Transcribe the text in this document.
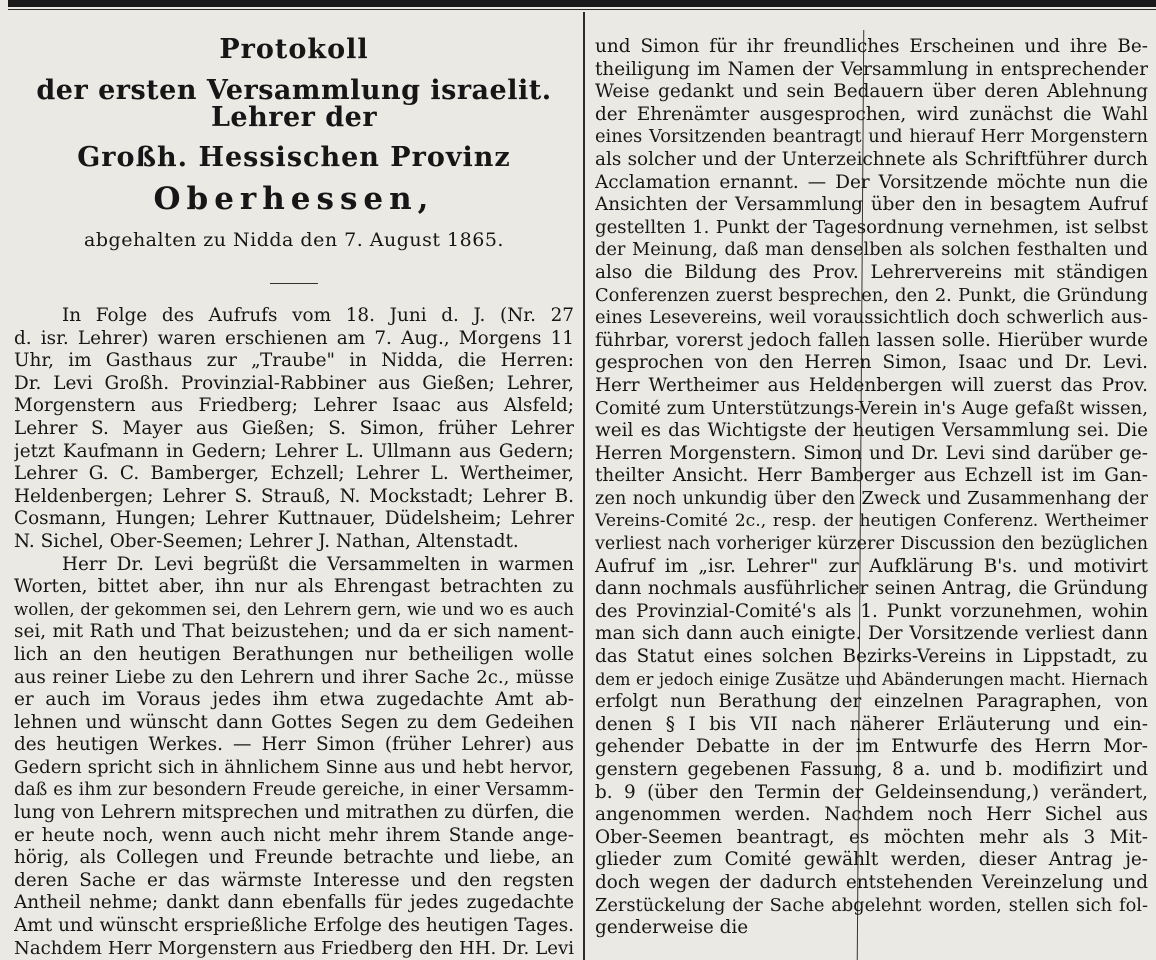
Protokoll

der ersten Versammlung israelit. Lehrer der

Großh. Hessischen Provinz

Oberhessen,

abgehalten zu Nidda den 7. August 1865.

In Folge des Aufrufs vom 18. Juni d. J. (Nr. 27
d. isr. Lehrer) waren erschienen am 7. Aug., Morgens 11
Uhr, im Gasthaus zur „Traube" in Nidda, die Herren:
Dr. Levi Großh. Provinzial-Rabbiner aus Gießen; Lehrer,
Morgenstern aus Friedberg; Lehrer Isaac aus Alsfeld;
Lehrer S. Mayer aus Gießen; S. Simon, früher Lehrer
jetzt Kaufmann in Gedern; Lehrer L. Ullmann aus Gedern;
Lehrer G. C. Bamberger, Echzell; Lehrer L. Wertheimer,
Heldenbergen; Lehrer S. Strauß, N. Mockstadt; Lehrer B.
Cosmann, Hungen; Lehrer Kuttnauer, Düdelsheim; Lehrer
N. Sichel, Ober-Seemen; Lehrer J. Nathan, Altenstadt.
Herr Dr. Levi begrüßt die Versammelten in warmen
Worten, bittet aber, ihn nur als Ehrengast betrachten zu
wollen, der gekommen sei, den Lehrern gern, wie und wo es auch
sei, mit Rath und That beizustehen; und da er sich nament-
lich an den heutigen Berathungen nur betheiligen wolle
aus reiner Liebe zu den Lehrern und ihrer Sache 2c., müsse
er auch im Voraus jedes ihm etwa zugedachte Amt ab-
lehnen und wünscht dann Gottes Segen zu dem Gedeihen
des heutigen Werkes. — Herr Simon (früher Lehrer) aus
Gedern spricht sich in ähnlichem Sinne aus und hebt hervor,
daß es ihm zur besondern Freude gereiche, in einer Versamm-
lung von Lehrern mitsprechen und mitrathen zu dürfen, die
er heute noch, wenn auch nicht mehr ihrem Stande ange-
hörig, als Collegen und Freunde betrachte und liebe, an
deren Sache er das wärmste Interesse und den regsten
Antheil nehme; dankt dann ebenfalls für jedes zugedachte
Amt und wünscht ersprießliche Erfolge des heutigen Tages.
Nachdem Herr Morgenstern aus Friedberg den HH. Dr. Levi
und Simon für ihr freundliches Erscheinen und ihre Be-
theiligung im Namen der Versammlung in entsprechender
Weise gedankt und sein Bedauern über deren Ablehnung
der Ehrenämter ausgesprochen, wird zunächst die Wahl
eines Vorsitzenden beantragt und hierauf Herr Morgenstern
als solcher und der Unterzeichnete als Schriftführer durch
Acclamation ernannt. — Der Vorsitzende möchte nun die
Ansichten der Versammlung über den in besagtem Aufruf
gestellten 1. Punkt der Tagesordnung vernehmen, ist selbst
der Meinung, daß man denselben als solchen festhalten und
also die Bildung des Prov. Lehrervereins mit ständigen
Conferenzen zuerst besprechen, den 2. Punkt, die Gründung
eines Lesevereins, weil voraussichtlich doch schwerlich aus-
führbar, vorerst jedoch fallen lassen solle. Hierüber wurde
gesprochen von den Herren Simon, Isaac und Dr. Levi.
Herr Wertheimer aus Heldenbergen will zuerst das Prov.
Comité zum Unterstützungs-Verein in's Auge gefaßt wissen,
weil es das Wichtigste der heutigen Versammlung sei. Die
Herren Morgenstern. Simon und Dr. Levi sind darüber ge-
theilter Ansicht. Herr Bamberger aus Echzell ist im Gan-
zen noch unkundig über den Zweck und Zusammenhang der
Vereins-Comité 2c., resp. der heutigen Conferenz. Wertheimer
verliest nach vorheriger kürzerer Discussion den bezüglichen
Aufruf im „isr. Lehrer" zur Aufklärung B's. und motivirt
dann nochmals ausführlicher seinen Antrag, die Gründung
des Provinzial-Comité's als 1. Punkt vorzunehmen, wohin
man sich dann auch einigte. Der Vorsitzende verliest dann
das Statut eines solchen Bezirks-Vereins in Lippstadt, zu
dem er jedoch einige Zusätze und Abänderungen macht. Hiernach
erfolgt nun Berathung der einzelnen Paragraphen, von
denen § I bis VII nach näherer Erläuterung und ein-
gehender Debatte in der im Entwurfe des Herrn Mor-
genstern gegebenen Fassung, 8 a. und b. modifizirt und
b. 9 (über den Termin der Geldeinsendung,) verändert,
angenommen werden. Nachdem noch Herr Sichel aus
Ober-Seemen beantragt, es möchten mehr als 3 Mit-
glieder zum Comité gewählt werden, dieser Antrag je-
doch wegen der dadurch entstehenden Vereinzelung und
Zerstückelung der Sache abgelehnt worden, stellen sich fol-
genderweise die
